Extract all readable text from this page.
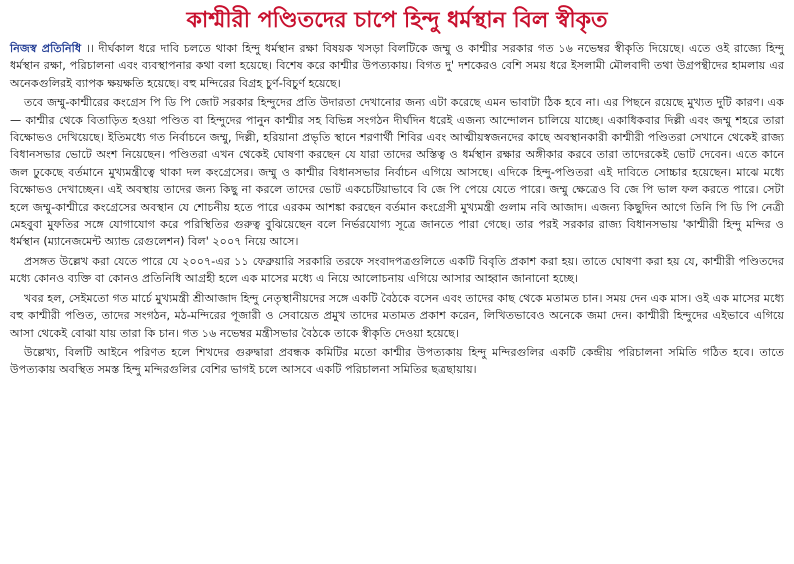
কাশ্মীরী পণ্ডিতদের চাপে হিন্দু ধর্মস্থান বিল স্বীকৃত

নিজস্ব প্রতিনিধি ।। দীর্ঘকাল ধরে দাবি চলতে থাকা হিন্দু ধর্মস্থান রক্ষা বিষয়ক খসড়া বিলটিকে জম্মু ও কাশ্মীর সরকার গত ১৬ নভেম্বর স্বীকৃতি দিয়েছে। এতে ওই রাজ্যে হিন্দু ধর্মস্থান রক্ষা, পরিচালনা এবং ব্যবস্থাপনার কথা বলা হয়েছে। বিশেষ করে কাশ্মীর উপত্যকায়। বিগত দু' দশকেরও বেশি সময় ধরে ইসলামী মৌলবাদী তথা উগ্রপন্থীদের হামলায় এর অনেকগুলিরই ব্যাপক ক্ষয়ক্ষতি হয়েছে। বহু মন্দিরের বিগ্রহ চুর্ণ-বিচুর্ণ হয়েছে।

তবে জম্মু-কাশ্মীরের কংগ্রেস পি ডি পি জোট সরকার হিন্দুদের প্রতি উদারতা দেখানোর জন্য এটা করেছে এমন ভাবাটা ঠিক হবে না। এর পিছনে রয়েছে মুখ্যত দুটি কারণ। এক — কাশ্মীর থেকে বিতাড়িত হওয়া পণ্ডিত বা হিন্দুদের পানুন কাশ্মীর সহ বিভিন্ন সংগঠন দীর্ঘদিন ধরেই এজন্য আন্দোলন চালিয়ে যাচ্ছে। একাধিকবার দিল্লী এবং জম্মু শহরে তারা বিক্ষোভও দেখিয়েছে। ইতিমধ্যে গত নির্বাচনে জম্মু, দিল্লী, হরিয়ানা প্রভৃতি স্থানে শরণার্থী শিবির এবং আত্মীয়স্বজনদের কাছে অবস্থানকারী কাশ্মীরী পণ্ডিতরা সেখানে থেকেই রাজ্য বিধানসভার ভোটে অংশ নিয়েছেন। পণ্ডিতরা এখন থেকেই ঘোষণা করছেন যে যারা তাদের অস্তিত্ব ও ধর্মস্থান রক্ষার অঙ্গীকার করবে তারা তাদেরকেই ভোট দেবেন। এতে কানে জল ঢুকেছে বর্তমানে মুখ্যমন্ত্রীত্বে থাকা দল কংগ্রেসের। জম্মু ও কাশ্মীর বিধানসভার নির্বাচন এগিয়ে আসছে। এদিকে হিন্দু-পণ্ডিতরা এই দাবিতে সোচ্চার হয়েছেন। মাঝে মধ্যে বিক্ষোভও দেখাচ্ছেন। এই অবস্থায় তাদের জন্য কিছু না করলে তাদের ভোট একচেটিয়াভাবে বি জে পি পেয়ে যেতে পারে। জম্মু ক্ষেত্রেও বি জে পি ভাল ফল করতে পারে। সেটা হলে জম্মু-কাশ্মীরে কংগ্রেসের অবস্থান যে শোচনীয় হতে পারে এরকম আশঙ্কা করছেন বর্তমান কংগ্রেসী মুখ্যমন্ত্রী গুলাম নবি আজাদ। এজন্য কিছুদিন আগে তিনি পি ডি পি নেত্রী মেহবুবা মুফতির সঙ্গে যোগাযোগ করে পরিস্থিতির গুরুত্ব বুঝিয়েছেন বলে নির্ভরযোগ্য সূত্রে জানতে পারা গেছে। তার পরই সরকার রাজ্য বিধানসভায় 'কাশ্মীরী হিন্দু মন্দির ও ধর্মস্থান (ম্যানেজমেন্ট অ্যান্ড রেগুলেশন) বিল' ২০০৭ নিয়ে আসে।

প্রসঙ্গত উল্লেখ করা যেতে পারে যে ২০০৭-এর ১১ ফেব্রুয়ারি সরকারি তরফে সংবাদপত্রগুলিতে একটি বিবৃতি প্রকাশ করা হয়। তাতে ঘোষণা করা হয় যে, কাশ্মীরী পণ্ডিতদের মধ্যে কোনও ব্যক্তি বা কোনও প্রতিনিধি আগ্রহী হলে এক মাসের মধ্যে এ নিয়ে আলোচনায় এগিয়ে আসার আহ্বান জানানো হচ্ছে।

খবর হল, সেইমতো গত মার্চে মুখ্যমন্ত্রী শ্রীআজাদ হিন্দু নেতৃস্থানীয়দের সঙ্গে একটি বৈঠকে বসেন এবং তাদের কাছ থেকে মতামত চান। সময় দেন এক মাস। ওই এক মাসের মধ্যে বহু কাশ্মীরী পণ্ডিত, তাদের সংগঠন, মঠ-মন্দিরের পূজারী ও সেবায়েত প্রমুখ তাদের মতামত প্রকাশ করেন, লিখিতভাবেও অনেকে জমা দেন। কাশ্মীরী হিন্দুদের এইভাবে এগিয়ে আসা থেকেই বোঝা যায় তারা কি চান। গত ১৬ নভেম্বর মন্ত্রীসভার বৈঠকে তাকে স্বীকৃতি দেওয়া হয়েছে।

উল্লেখ্য, বিলটি আইনে পরিণত হলে শিখদের গুরুদ্বারা প্রবন্ধক কমিটির মতো কাশ্মীর উপত্যকায় হিন্দু মন্দিরগুলির একটি কেন্দ্রীয় পরিচালনা সমিতি গঠিত হবে। তাতে উপত্যকায় অবস্থিত সমস্ত হিন্দু মন্দিরগুলির বেশির ভাগই চলে আসবে একটি পরিচালনা সমিতির ছত্রছায়ায়।
